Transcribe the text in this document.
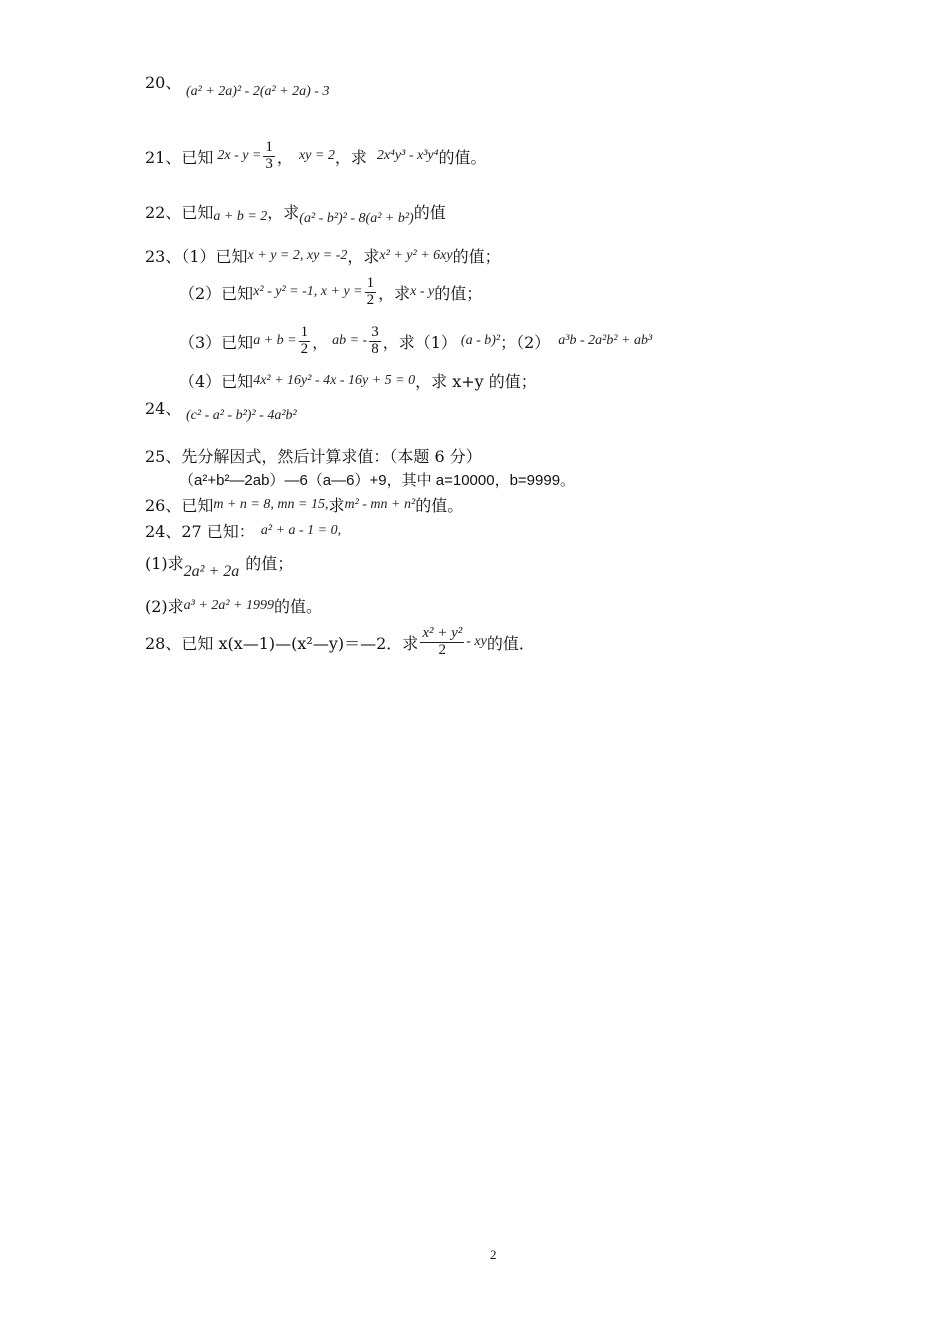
20、 (a² + 2a)² - 2(a² + 2a) - 3
21、已知 $2x - y = \frac{1}{3}$ ， xy = 2 ，求 2x⁴y³ - x³y⁴ 的值。
22、已知 a + b = 2 ，求 (a² - b²)² - 8(a² + b²) 的值
23、（1）已知 x + y = 2, xy = -2 ，求 x² + y² + 6xy 的值；
（2）已知 x² - y² = -1, $x + y = \frac{1}{2}$ ，求 x - y 的值；
（3）已知 $a + b = \frac{1}{2}$ ， ab = - $\frac{3}{8}$ ，求（1） (a - b)² ；（2） a³b - 2a²b² + ab³
（4）已知 4x² + 16y² - 4x - 16y + 5 = 0 ，求 x+y 的值；
24、 (c² - a² - b²)² - 4a²b²
25、先分解因式，然后计算求值：（本题 6 分）
（a²+b²—2ab）—6（a—6）+9，其中 a=10000，b=9999。
26、已知 m + n = 8, mn = 15, 求 m² - mn + n² 的值。
24、27 已知： a² + a - 1 = 0,
(1)求 2a² + 2a 的值；
(2)求 a³ + 2a² + 1999 的值。
28、已知 x(x—1)—(x²—y)＝—2．求 $\frac{\text{x² + y²}}{2}$ - xy 的值．
2
